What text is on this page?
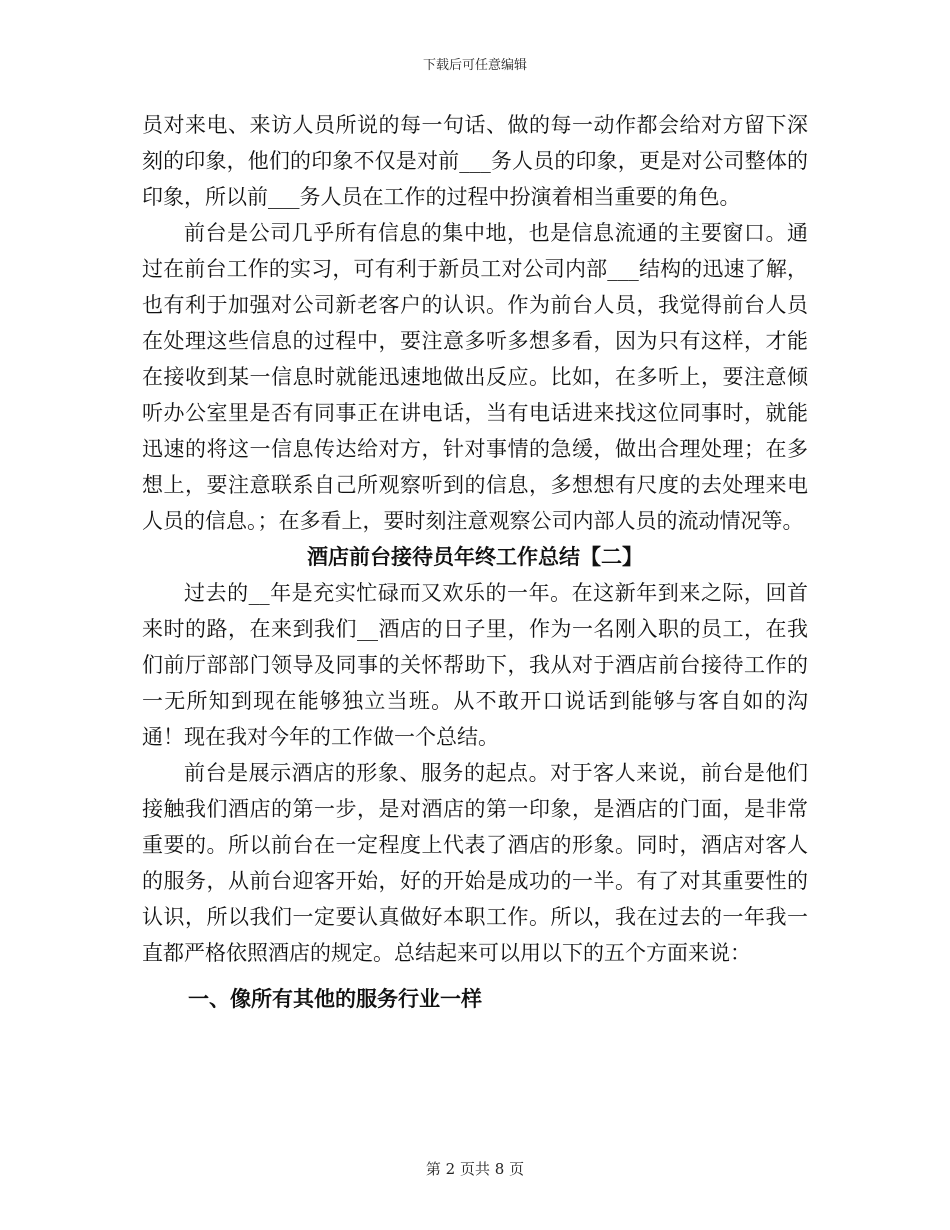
下载后可任意编辑

员对来电、来访人员所说的每一句话、做的每一动作都会给对方留下深刻的印象，他们的印象不仅是对前___务人员的印象，更是对公司整体的印象，所以前___务人员在工作的过程中扮演着相当重要的角色。

前台是公司几乎所有信息的集中地，也是信息流通的主要窗口。通过在前台工作的实习，可有利于新员工对公司内部___结构的迅速了解，也有利于加强对公司新老客户的认识。作为前台人员，我觉得前台人员在处理这些信息的过程中，要注意多听多想多看，因为只有这样，才能在接收到某一信息时就能迅速地做出反应。比如，在多听上，要注意倾听办公室里是否有同事正在讲电话，当有电话进来找这位同事时，就能迅速的将这一信息传达给对方，针对事情的急缓，做出合理处理；在多想上，要注意联系自己所观察听到的信息，多想想有尺度的去处理来电人员的信息。；在多看上，要时刻注意观察公司内部人员的流动情况等。

酒店前台接待员年终工作总结【二】

过去的__年是充实忙碌而又欢乐的一年。在这新年到来之际，回首来时的路，在来到我们__酒店的日子里，作为一名刚入职的员工，在我们前厅部部门领导及同事的关怀帮助下，我从对于酒店前台接待工作的一无所知到现在能够独立当班。从不敢开口说话到能够与客自如的沟通！现在我对今年的工作做一个总结。

前台是展示酒店的形象、服务的起点。对于客人来说，前台是他们接触我们酒店的第一步，是对酒店的第一印象，是酒店的门面，是非常重要的。所以前台在一定程度上代表了酒店的形象。同时，酒店对客人的服务，从前台迎客开始，好的开始是成功的一半。有了对其重要性的认识，所以我们一定要认真做好本职工作。所以，我在过去的一年我一直都严格依照酒店的规定。总结起来可以用以下的五个方面来说：

一、像所有其他的服务行业一样

第 2 页共 8 页
